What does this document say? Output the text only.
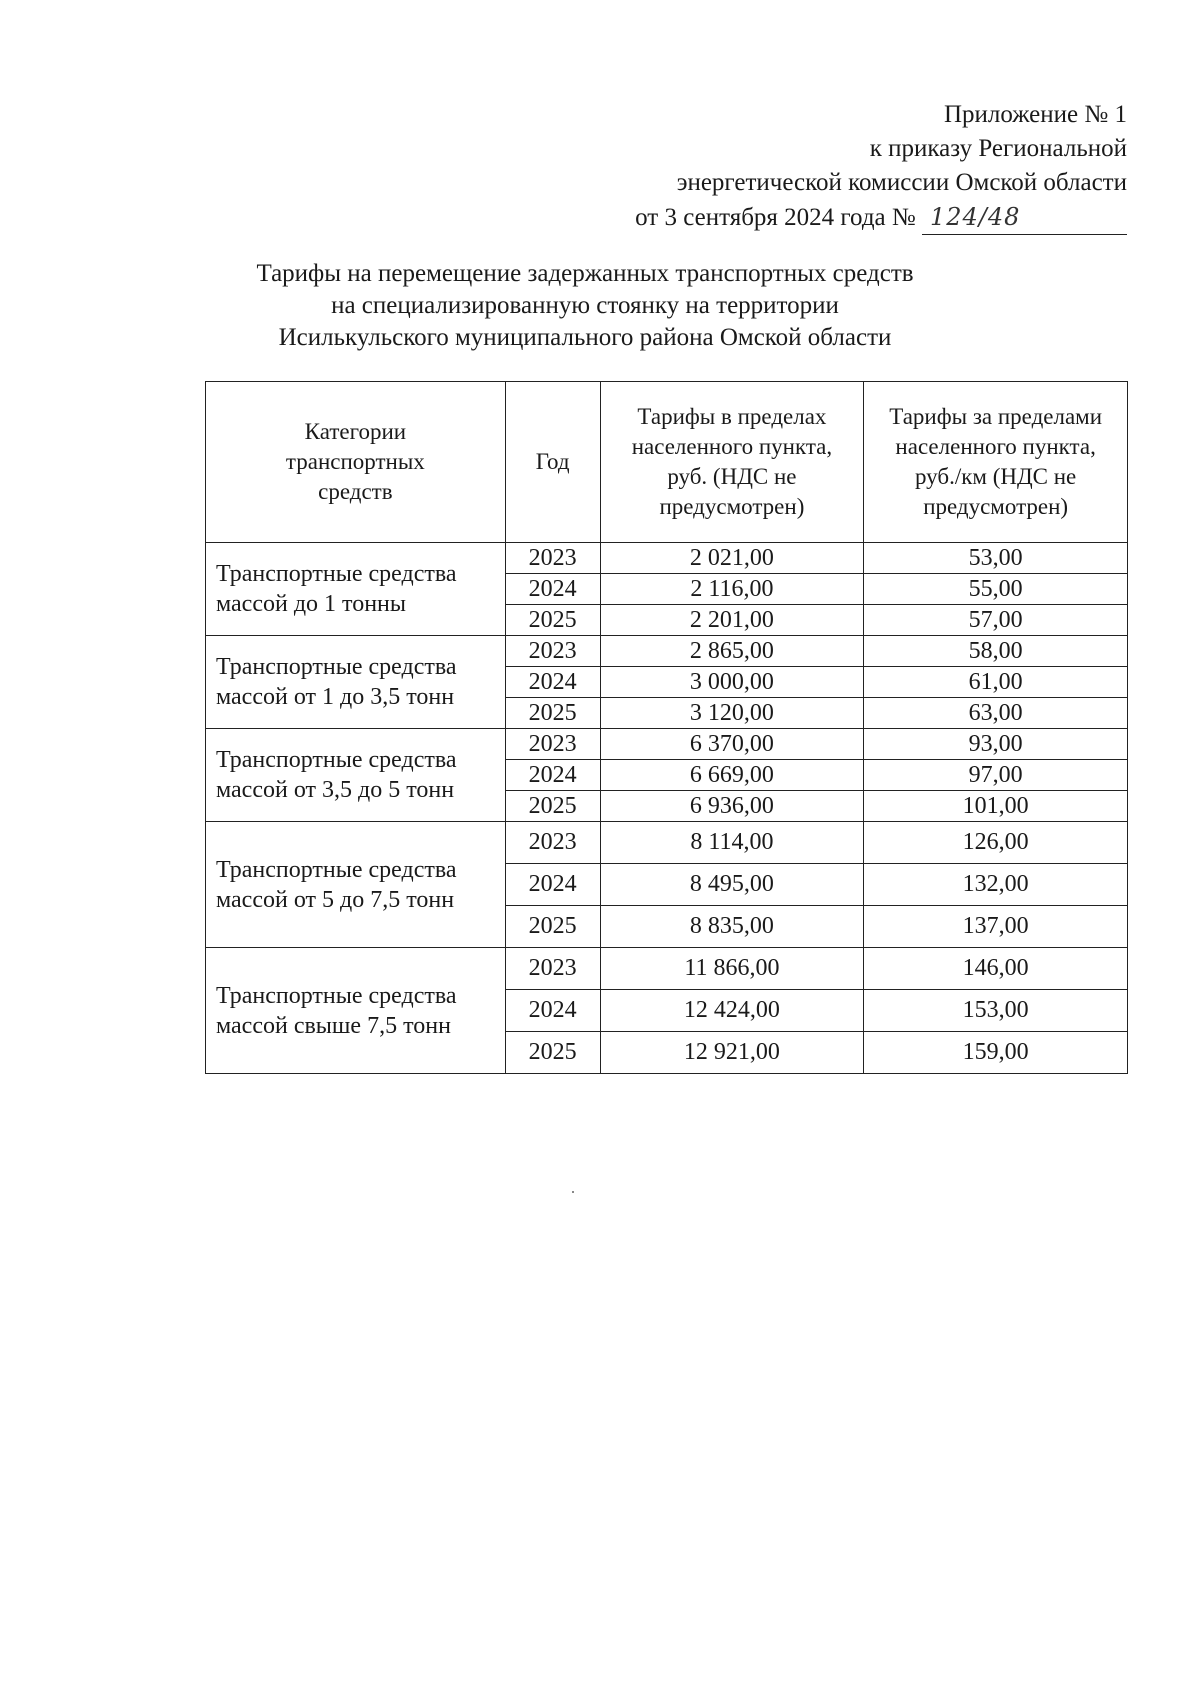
Приложение № 1
к приказу Региональной
энергетической комиссии Омской области
от 3 сентября 2024 года № 124/48
Тарифы на перемещение задержанных транспортных средств
на специализированную стоянку на территории
Исилькульского муниципального района Омской области
Категории транспортных средств	Год	Тарифы в пределах населенного пункта, руб. (НДС не предусмотрен)	Тарифы за пределами населенного пункта, руб./км (НДС не предусмотрен)
Транспортные средства массой до 1 тонны	2023	2 021,00	53,00
	2024	2 116,00	55,00
	2025	2 201,00	57,00
Транспортные средства массой от 1 до 3,5 тонн	2023	2 865,00	58,00
	2024	3 000,00	61,00
	2025	3 120,00	63,00
Транспортные средства массой от 3,5 до 5 тонн	2023	6 370,00	93,00
	2024	6 669,00	97,00
	2025	6 936,00	101,00
Транспортные средства массой от 5 до 7,5 тонн	2023	8 114,00	126,00
	2024	8 495,00	132,00
	2025	8 835,00	137,00
Транспортные средства массой свыше 7,5 тонн	2023	11 866,00	146,00
	2024	12 424,00	153,00
	2025	12 921,00	159,00
